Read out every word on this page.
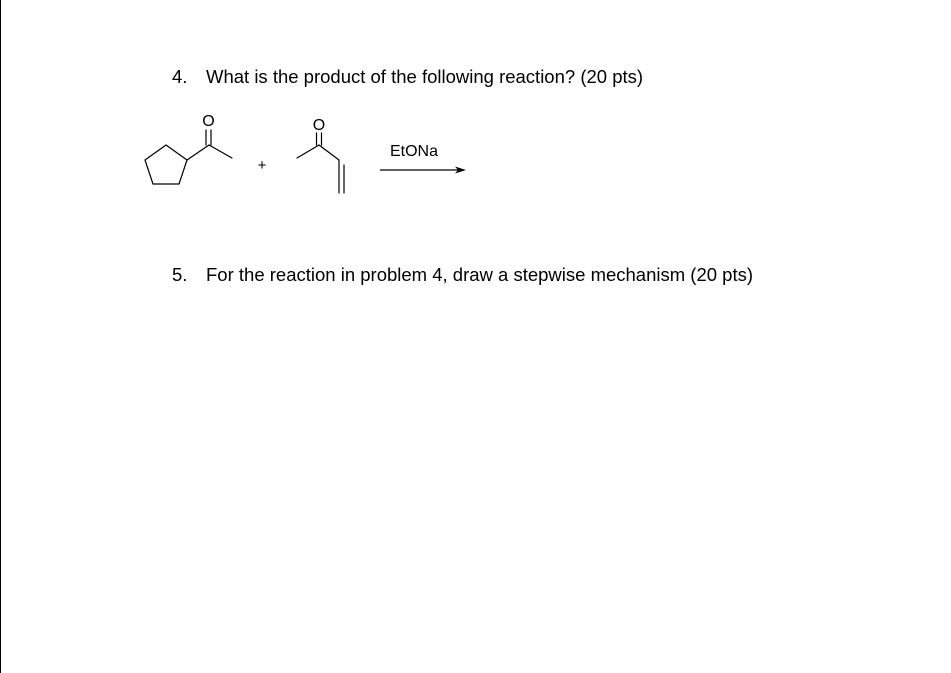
4.	What is the product of the following reaction? (20 pts)
O
+
O
EtONa
5.	For the reaction in problem 4, draw a stepwise mechanism (20 pts)
